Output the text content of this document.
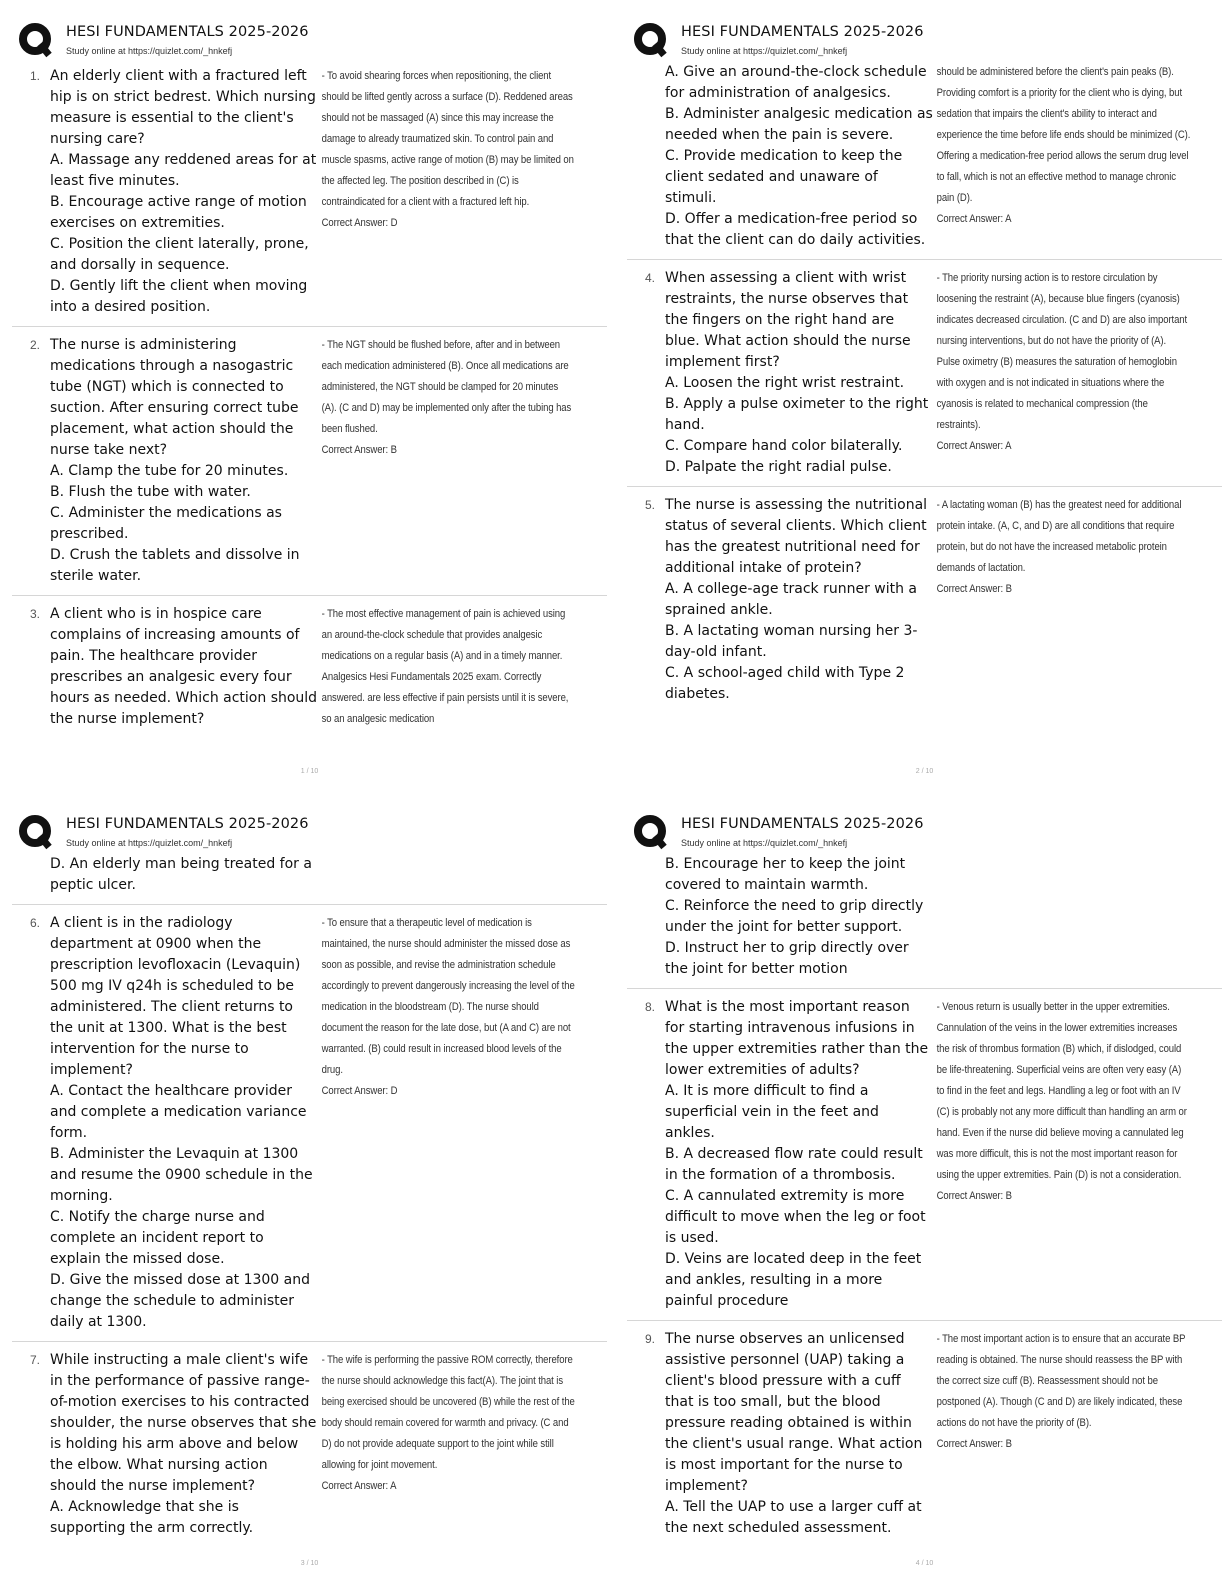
HESI FUNDAMENTALS 2025-2026
Study online at https://quizlet.com/_hnkefj
1. An elderly client with a fractured left hip is on strict bedrest. Which nursing measure is essential to the client's nursing care?
A. Massage any reddened areas for at least five minutes.
B. Encourage active range of motion exercises on extremities.
C. Position the client laterally, prone, and dorsally in sequence.
D. Gently lift the client when moving into a desired position.
- To avoid shearing forces when repositioning, the client should be lifted gently across a surface (D). Reddened areas should not be massaged (A) since this may increase the damage to already traumatized skin. To control pain and muscle spasms, active range of motion (B) may be limited on the affected leg. The position described in (C) is contraindicated for a client with a fractured left hip.
Correct Answer: D
2. The nurse is administering medications through a nasogastric tube (NGT) which is connected to suction. After ensuring correct tube placement, what action should the nurse take next?
A. Clamp the tube for 20 minutes.
B. Flush the tube with water.
C. Administer the medications as prescribed.
D. Crush the tablets and dissolve in sterile water.
- The NGT should be flushed before, after and in between each medication administered (B). Once all medications are administered, the NGT should be clamped for 20 minutes (A). (C and D) may be implemented only after the tubing has been flushed.
Correct Answer: B
3. A client who is in hospice care complains of increasing amounts of pain. The healthcare provider prescribes an analgesic every four hours as needed. Which action should the nurse implement?
- The most effective management of pain is achieved using an around-the-clock schedule that provides analgesic medications on a regular basis (A) and in a timely manner. Analgesics Hesi Fundamentals 2025 exam. Correctly answered. are less effective if pain persists until it is severe, so an analgesic medication
1 / 10
HESI FUNDAMENTALS 2025-2026
Study online at https://quizlet.com/_hnkefj
A. Give an around-the-clock schedule for administration of analgesics.
B. Administer analgesic medication as needed when the pain is severe.
C. Provide medication to keep the client sedated and unaware of stimuli.
D. Offer a medication-free period so that the client can do daily activities.
should be administered before the client's pain peaks (B). Providing comfort is a priority for the client who is dying, but sedation that impairs the client's ability to interact and experience the time before life ends should be minimized (C). Offering a medication-free period allows the serum drug level to fall, which is not an effective method to manage chronic pain (D).
Correct Answer: A
4. When assessing a client with wrist restraints, the nurse observes that the fingers on the right hand are blue. What action should the nurse implement first?
A. Loosen the right wrist restraint.
B. Apply a pulse oximeter to the right hand.
C. Compare hand color bilaterally.
D. Palpate the right radial pulse.
- The priority nursing action is to restore circulation by loosening the restraint (A), because blue fingers (cyanosis) indicates decreased circulation. (C and D) are also important nursing interventions, but do not have the priority of (A). Pulse oximetry (B) measures the saturation of hemoglobin with oxygen and is not indicated in situations where the cyanosis is related to mechanical compression (the restraints).
Correct Answer: A
5. The nurse is assessing the nutritional status of several clients. Which client has the greatest nutritional need for additional intake of protein?
A. A college-age track runner with a sprained ankle.
B. A lactating woman nursing her 3-day-old infant.
C. A school-aged child with Type 2 diabetes.
- A lactating woman (B) has the greatest need for additional protein intake. (A, C, and D) are all conditions that require protein, but do not have the increased metabolic protein demands of lactation.
Correct Answer: B
2 / 10
HESI FUNDAMENTALS 2025-2026
Study online at https://quizlet.com/_hnkefj
D. An elderly man being treated for a peptic ulcer.
6. A client is in the radiology department at 0900 when the prescription levofloxacin (Levaquin) 500 mg IV q24h is scheduled to be administered. The client returns to the unit at 1300. What is the best intervention for the nurse to implement?
A. Contact the healthcare provider and complete a medication variance form.
B. Administer the Levaquin at 1300 and resume the 0900 schedule in the morning.
C. Notify the charge nurse and complete an incident report to explain the missed dose.
D. Give the missed dose at 1300 and change the schedule to administer daily at 1300.
- To ensure that a therapeutic level of medication is maintained, the nurse should administer the missed dose as soon as possible, and revise the administration schedule accordingly to prevent dangerously increasing the level of the medication in the bloodstream (D). The nurse should document the reason for the late dose, but (A and C) are not warranted. (B) could result in increased blood levels of the drug.
Correct Answer: D
7. While instructing a male client's wife in the performance of passive range-of-motion exercises to his contracted shoulder, the nurse observes that she is holding his arm above and below the elbow. What nursing action should the nurse implement?
A. Acknowledge that she is supporting the arm correctly.
- The wife is performing the passive ROM correctly, therefore the nurse should acknowledge this fact(A). The joint that is being exercised should be uncovered (B) while the rest of the body should remain covered for warmth and privacy. (C and D) do not provide adequate support to the joint while still allowing for joint movement.
Correct Answer: A
3 / 10
HESI FUNDAMENTALS 2025-2026
Study online at https://quizlet.com/_hnkefj
B. Encourage her to keep the joint covered to maintain warmth.
C. Reinforce the need to grip directly under the joint for better support.
D. Instruct her to grip directly over the joint for better motion
8. What is the most important reason for starting intravenous infusions in the upper extremities rather than the lower extremities of adults?
A. It is more difficult to find a superficial vein in the feet and ankles.
B. A decreased flow rate could result in the formation of a thrombosis.
C. A cannulated extremity is more difficult to move when the leg or foot is used.
D. Veins are located deep in the feet and ankles, resulting in a more painful procedure
- Venous return is usually better in the upper extremities. Cannulation of the veins in the lower extremities increases the risk of thrombus formation (B) which, if dislodged, could be life-threatening. Superficial veins are often very easy (A) to find in the feet and legs. Handling a leg or foot with an IV (C) is probably not any more difficult than handling an arm or hand. Even if the nurse did believe moving a cannulated leg was more difficult, this is not the most important reason for using the upper extremities. Pain (D) is not a consideration.
Correct Answer: B
9. The nurse observes an unlicensed assistive personnel (UAP) taking a client's blood pressure with a cuff that is too small, but the blood pressure reading obtained is within the client's usual range. What action is most important for the nurse to implement?
A. Tell the UAP to use a larger cuff at the next scheduled assessment.
- The most important action is to ensure that an accurate BP reading is obtained. The nurse should reassess the BP with the correct size cuff (B). Reassessment should not be postponed (A). Though (C and D) are likely indicated, these actions do not have the priority of (B).
Correct Answer: B
4 / 10
